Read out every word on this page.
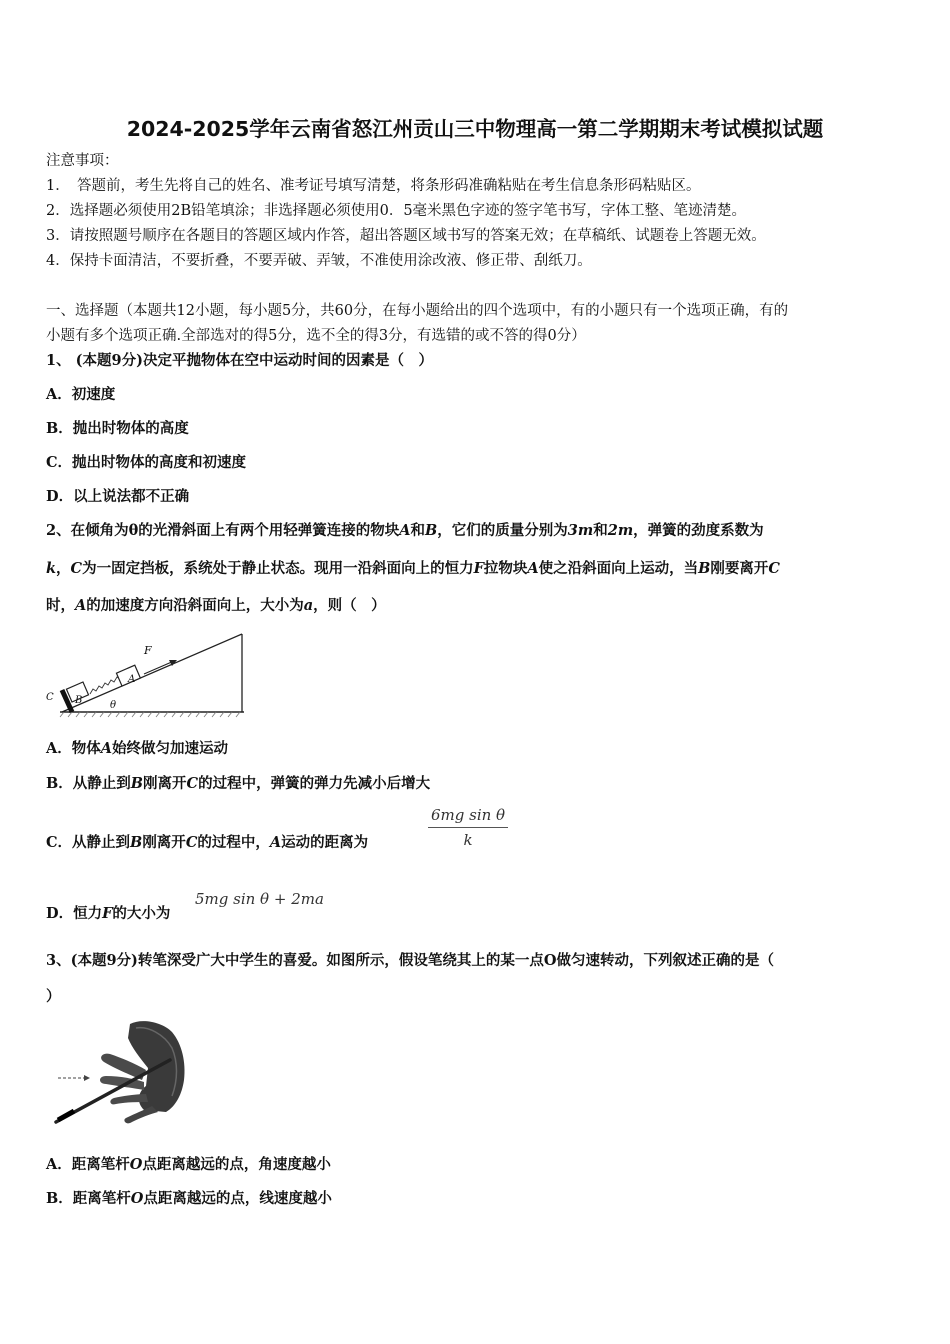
2024-2025学年云南省怒江州贡山三中物理高一第二学期期末考试模拟试题
注意事项：
1．　答题前，考生先将自己的姓名、准考证号填写清楚，将条形码准确粘贴在考生信息条形码粘贴区。
2．选择题必须使用2B铅笔填涂；非选择题必须使用0．5毫米黑色字迹的签字笔书写，字体工整、笔迹清楚。
3．请按照题号顺序在各题目的答题区域内作答，超出答题区域书写的答案无效；在草稿纸、试题卷上答题无效。
4．保持卡面清洁，不要折叠，不要弄破、弄皱，不准使用涂改液、修正带、刮纸刀。
一、选择题（本题共12小题，每小题5分，共60分，在每小题给出的四个选项中，有的小题只有一个选项正确，有的
小题有多个选项正确.全部选对的得5分，选不全的得3分，有选错的或不答的得0分）
1、 (本题9分)决定平抛物体在空中运动时间的因素是（　）
A．初速度
B．抛出时物体的高度
C．抛出时物体的高度和初速度
D．以上说法都不正确
2、在倾角为θ的光滑斜面上有两个用轻弹簧连接的物块A和B，它们的质量分别为3m和2m，弹簧的劲度系数为
k，C为一固定挡板，系统处于静止状态。现用一沿斜面向上的恒力F拉物块A使之沿斜面向上运动，当B刚要离开C
时，A的加速度方向沿斜面向上，大小为a，则（　）
F
A
B
C
θ
A．物体A始终做匀加速运动
B．从静止到B刚离开C的过程中，弹簧的弹力先减小后增大
C．从静止到B刚离开C的过程中，A运动的距离为	$\frac{\text{6mg sin θ}}{k}$
D．恒力F的大小为
5mg sin θ + 2ma
3、(本题9分)转笔深受广大中学生的喜爱。如图所示，假设笔绕其上的某一点O做匀速转动，下列叙述正确的是（
）
A．距离笔杆O点距离越远的点，角速度越小
B．距离笔杆O点距离越远的点，线速度越小
